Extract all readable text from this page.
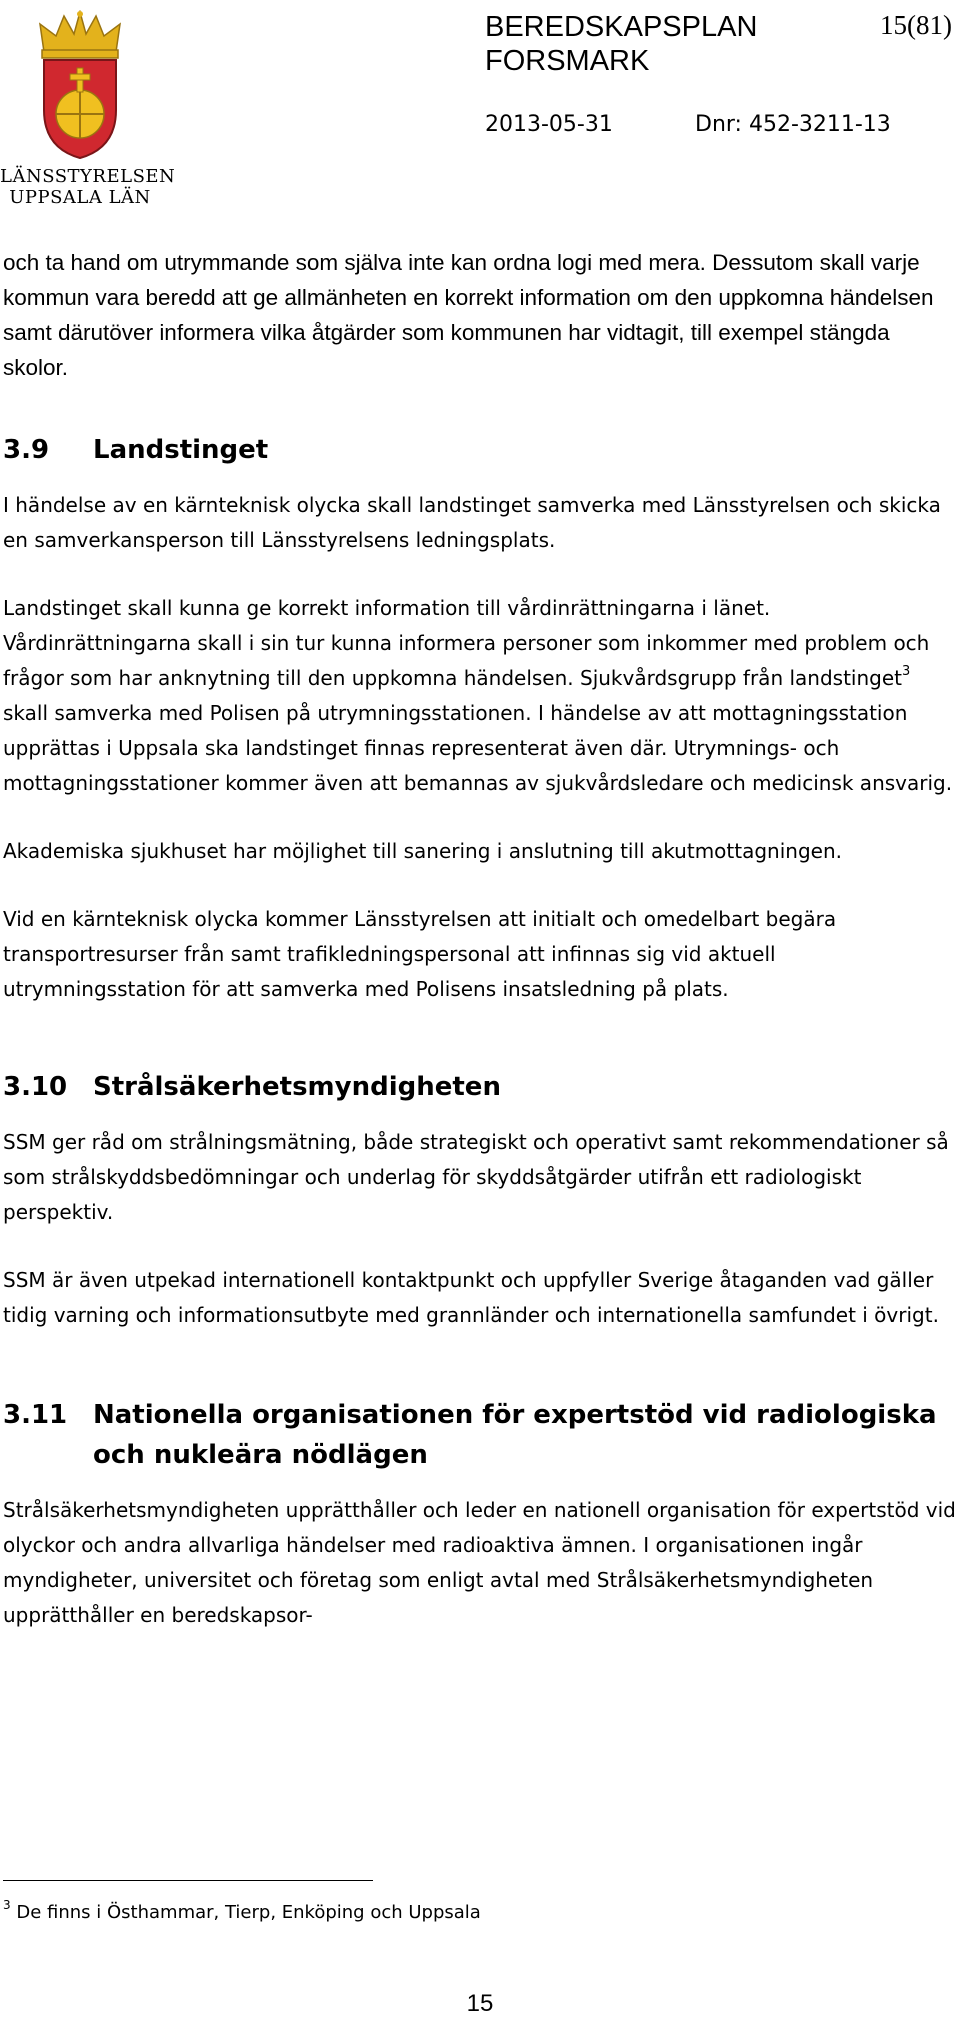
LÄNSSTYRELSEN
UPPSALA LÄN
BEREDSKAPSPLAN
FORSMARK
15(81)
2013-05-31	Dnr: 452-3211-13

och ta hand om utrymmande som själva inte kan ordna logi med mera. Dessutom skall varje kommun vara beredd att ge allmänheten en korrekt information om den uppkomna händelsen samt därutöver informera vilka åtgärder som kommunen har vidtagit, till exempel stängda skolor.

3.9	Landstinget

I händelse av en kärnteknisk olycka skall landstinget samverka med Länsstyrelsen och skicka en samverkansperson till Länsstyrelsens ledningsplats.

Landstinget skall kunna ge korrekt information till vårdinrättningarna i länet. Vårdinrättningarna skall i sin tur kunna informera personer som inkommer med problem och frågor som har anknytning till den uppkomna händelsen. Sjukvårdsgrupp från landstinget$^3$ skall samverka med Polisen på utrymningsstationen. I händelse av att mottagningsstation upprättas i Uppsala ska landstinget finnas representerat även där. Utrymnings- och mottagningsstationer kommer även att bemannas av sjukvårdsledare och medicinsk ansvarig.

Akademiska sjukhuset har möjlighet till sanering i anslutning till akutmottagningen.

Vid en kärnteknisk olycka kommer Länsstyrelsen att initialt och omedelbart begära transportresurser från samt trafikledningspersonal att infinnas sig vid aktuell utrymningsstation för att samverka med Polisens insatsledning på plats.

3.10 Strålsäkerhetsmyndigheten

SSM ger råd om strålningsmätning, både strategiskt och operativt samt rekommendationer så som strålskyddsbedömningar och underlag för skyddsåtgärder utifrån ett radiologiskt perspektiv.

SSM är även utpekad internationell kontaktpunkt och uppfyller Sverige åtaganden vad gäller tidig varning och informationsutbyte med grannländer och internationella samfundet i övrigt.

3.11 Nationella organisationen för expertstöd vid radiologiska och nukleära nödlägen

Strålsäkerhetsmyndigheten upprätthåller och leder en nationell organisation för expertstöd vid olyckor och andra allvarliga händelser med radioaktiva ämnen. I organisationen ingår myndigheter, universitet och företag som enligt avtal med Strålsäkerhetsmyndigheten upprätthåller en beredskapsor-

$^3$ De finns i Östhammar, Tierp, Enköping och Uppsala
15
